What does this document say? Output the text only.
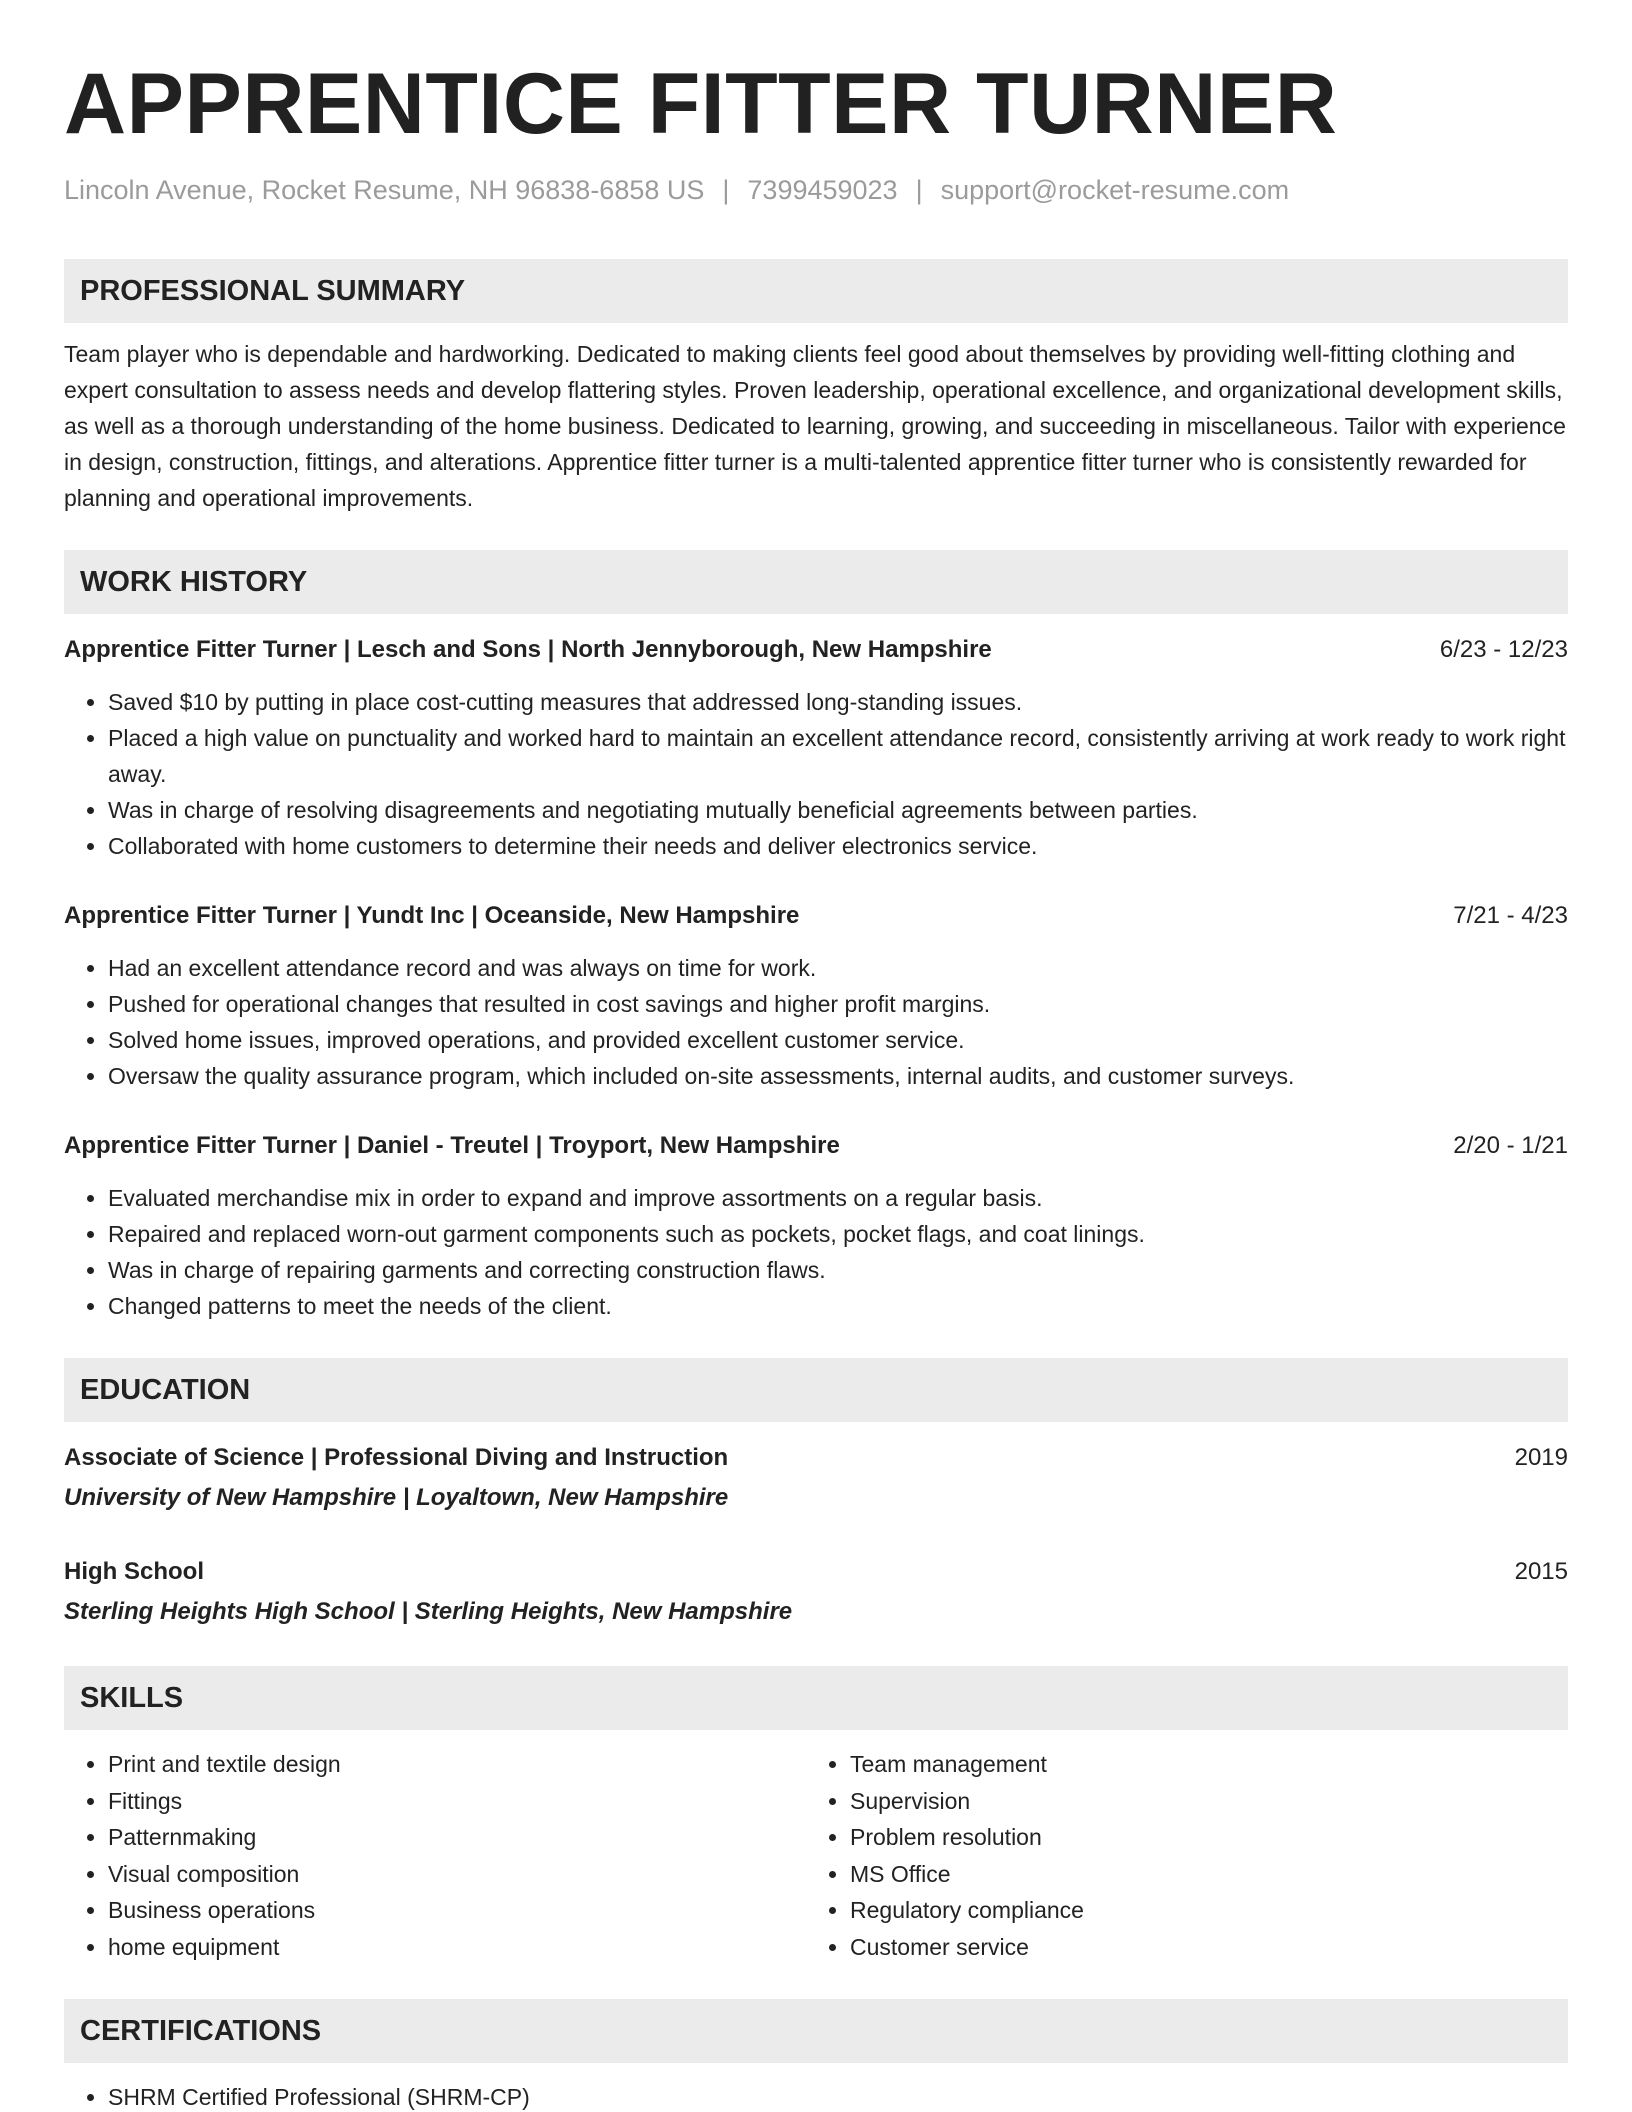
APPRENTICE FITTER TURNER
Lincoln Avenue, Rocket Resume, NH 96838-6858 US | 7399459023 | support@rocket-resume.com
PROFESSIONAL SUMMARY

Team player who is dependable and hardworking. Dedicated to making clients feel good about themselves by providing well-fitting clothing and expert consultation to assess needs and develop flattering styles. Proven leadership, operational excellence, and organizational development skills, as well as a thorough understanding of the home business. Dedicated to learning, growing, and succeeding in miscellaneous. Tailor with experience in design, construction, fittings, and alterations. Apprentice fitter turner is a multi-talented apprentice fitter turner who is consistently rewarded for planning and operational improvements.

WORK HISTORY
Apprentice Fitter Turner | Lesch and Sons | North Jennyborough, New Hampshire	6/23 - 12/23
• Saved $10 by putting in place cost-cutting measures that addressed long-standing issues.
• Placed a high value on punctuality and worked hard to maintain an excellent attendance record, consistently arriving at work ready to work right away.
• Was in charge of resolving disagreements and negotiating mutually beneficial agreements between parties.
• Collaborated with home customers to determine their needs and deliver electronics service.
Apprentice Fitter Turner | Yundt Inc | Oceanside, New Hampshire	7/21 - 4/23
• Had an excellent attendance record and was always on time for work.
• Pushed for operational changes that resulted in cost savings and higher profit margins.
• Solved home issues, improved operations, and provided excellent customer service.
• Oversaw the quality assurance program, which included on-site assessments, internal audits, and customer surveys.
Apprentice Fitter Turner | Daniel - Treutel | Troyport, New Hampshire	2/20 - 1/21
• Evaluated merchandise mix in order to expand and improve assortments on a regular basis.
• Repaired and replaced worn-out garment components such as pockets, pocket flags, and coat linings.
• Was in charge of repairing garments and correcting construction flaws.
• Changed patterns to meet the needs of the client.
EDUCATION
Associate of Science | Professional Diving and Instruction	2019
University of New Hampshire | Loyaltown, New Hampshire
High School	2015
Sterling Heights High School | Sterling Heights, New Hampshire
SKILLS
• Print and textile design
• Fittings
• Patternmaking
• Visual composition
• Business operations
• home equipment
• Team management
• Supervision
• Problem resolution
• MS Office
• Regulatory compliance
• Customer service
CERTIFICATIONS
• SHRM Certified Professional (SHRM-CP)
